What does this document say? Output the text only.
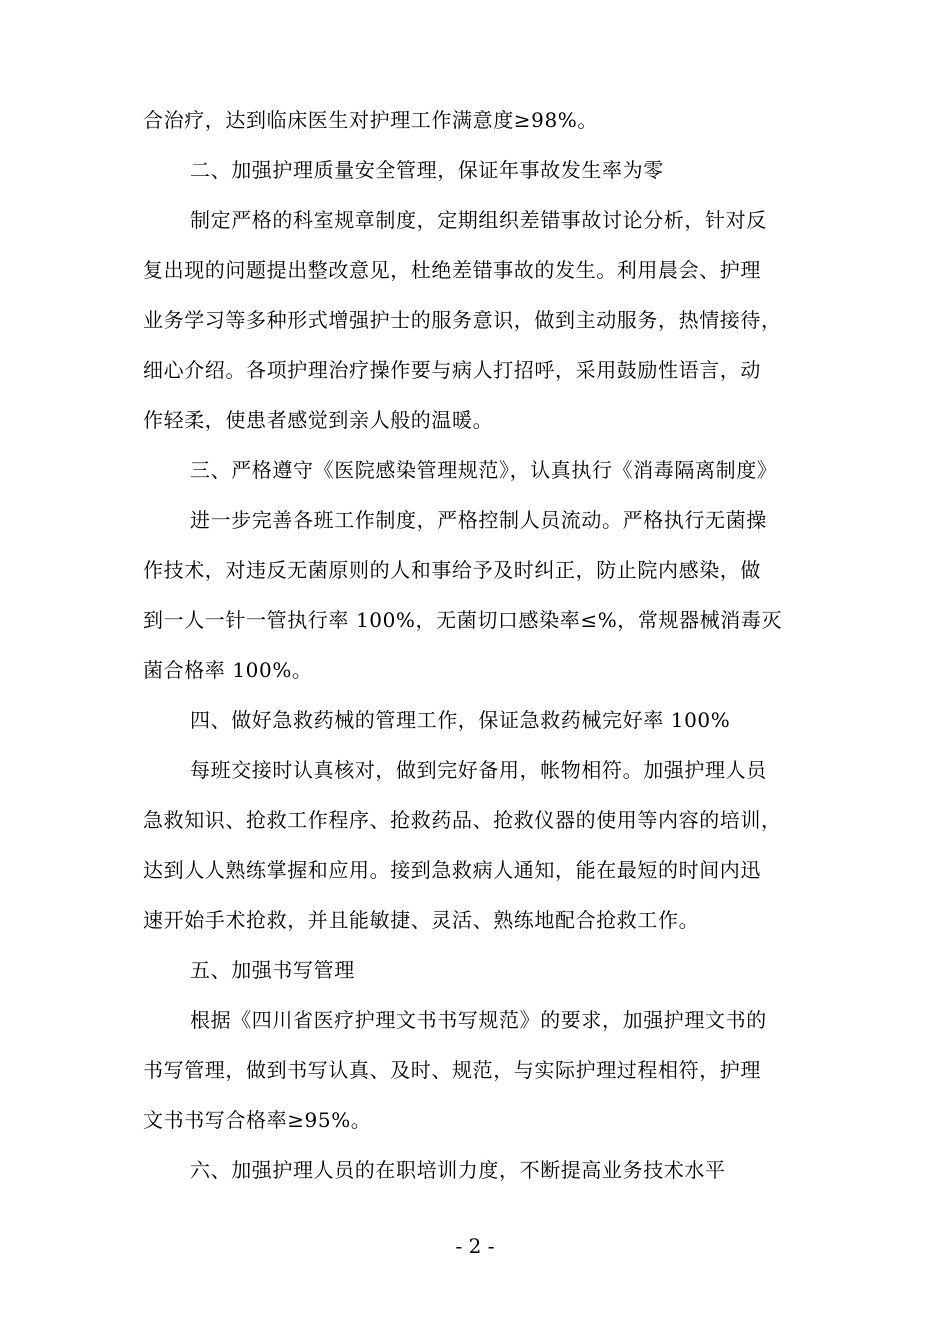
合治疗，达到临床医生对护理工作满意度≥98%。
二、加强护理质量安全管理，保证年事故发生率为零
制定严格的科室规章制度，定期组织差错事故讨论分析，针对反
复出现的问题提出整改意见，杜绝差错事故的发生。利用晨会、护理
业务学习等多种形式增强护士的服务意识，做到主动服务，热情接待，
细心介绍。各项护理治疗操作要与病人打招呼，采用鼓励性语言，动
作轻柔，使患者感觉到亲人般的温暖。
三、严格遵守《医院感染管理规范》，认真执行《消毒隔离制度》
进一步完善各班工作制度，严格控制人员流动。严格执行无菌操
作技术，对违反无菌原则的人和事给予及时纠正，防止院内感染，做
到一人一针一管执行率 100%，无菌切口感染率≤%，常规器械消毒灭
菌合格率 100%。
四、做好急救药械的管理工作，保证急救药械完好率 100%
每班交接时认真核对，做到完好备用，帐物相符。加强护理人员
急救知识、抢救工作程序、抢救药品、抢救仪器的使用等内容的培训，
达到人人熟练掌握和应用。接到急救病人通知，能在最短的时间内迅
速开始手术抢救，并且能敏捷、灵活、熟练地配合抢救工作。
五、加强书写管理
根据《四川省医疗护理文书书写规范》的要求，加强护理文书的
书写管理，做到书写认真、及时、规范，与实际护理过程相符，护理
文书书写合格率≥95%。
六、加强护理人员的在职培训力度，不断提高业务技术水平
- 2 -
